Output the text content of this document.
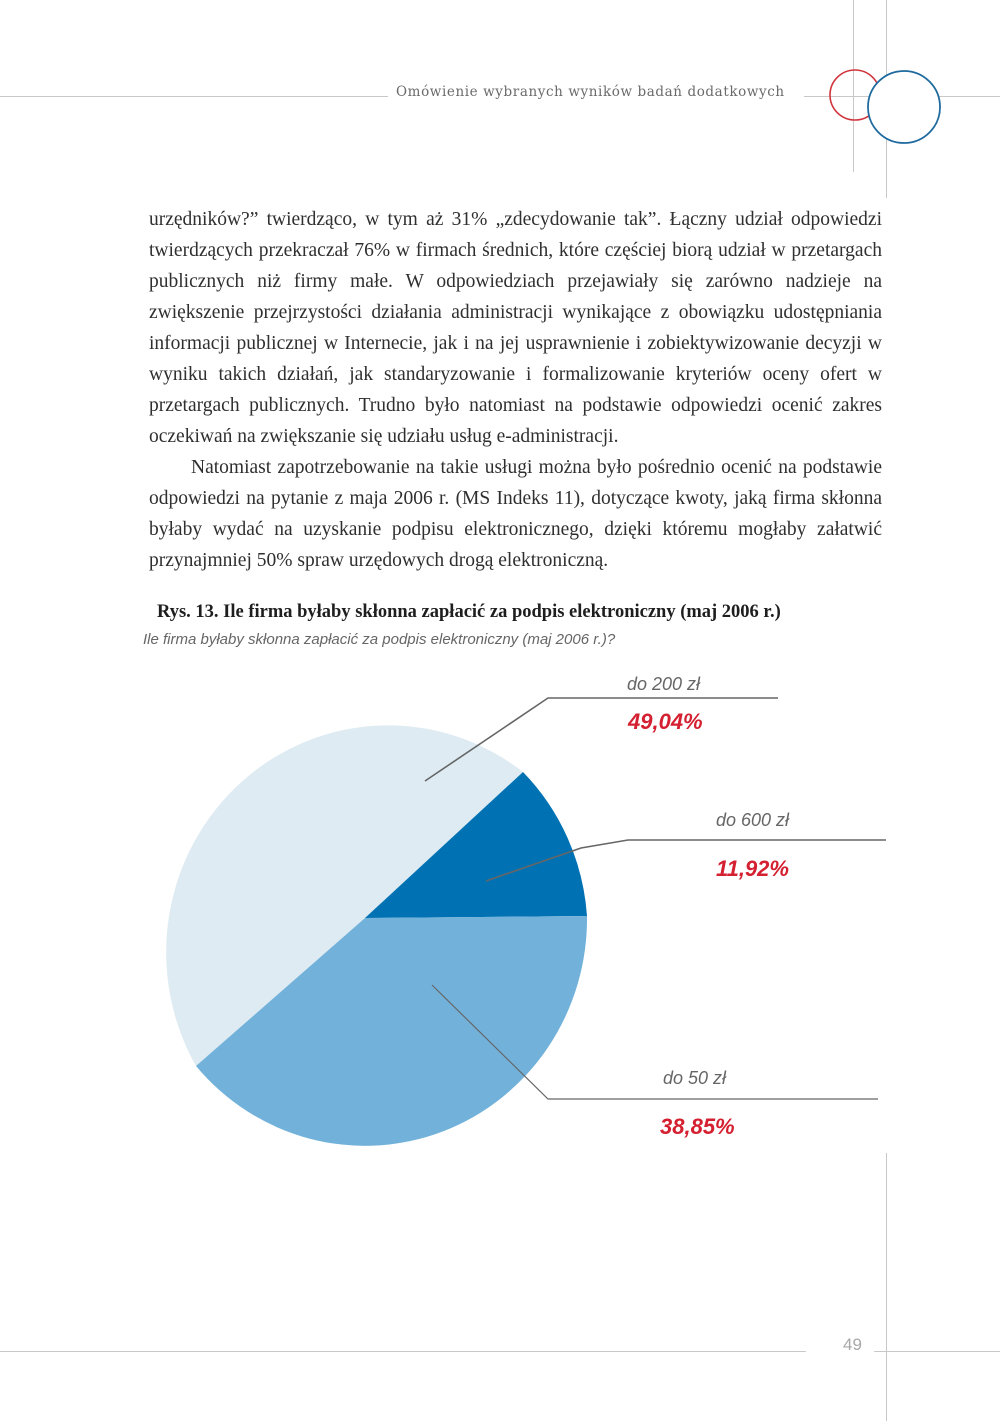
Omówienie wybranych wyników badań dodatkowych

urzędników?” twierdząco, w tym aż 31% „zdecydowanie tak”. Łączny udział odpowiedzi twierdzących przekraczał 76% w firmach średnich, które częściej biorą udział w przetargach publicznych niż firmy małe. W odpowiedziach przejawiały się zarówno nadzieje na zwiększenie przejrzystości działania administracji wynikające z obowiązku udostępniania informacji publicznej w Internecie, jak i na jej usprawnienie i zobiektywizowanie decyzji w wyniku takich działań, jak standaryzowanie i formalizowanie kryteriów oceny ofert w przetargach publicznych. Trudno było natomiast na podstawie odpowiedzi ocenić zakres oczekiwań na zwiększanie się udziału usług e-administracji.

Natomiast zapotrzebowanie na takie usługi można było pośrednio ocenić na podstawie odpowiedzi na pytanie z maja 2006 r. (MS Indeks 11), dotyczące kwoty, jaką firma skłonna byłaby wydać na uzyskanie podpisu elektronicznego, dzięki któremu mogłaby załatwić przynajmniej 50% spraw urzędowych drogą elektroniczną.

Rys. 13. Ile firma byłaby skłonna zapłacić za podpis elektroniczny (maj 2006 r.)
Ile firma byłaby skłonna zapłacić za podpis elektroniczny (maj 2006 r.)?
do 200 zł
49,04%
do 600 zł
11,92%
do 50 zł
38,85%
49
